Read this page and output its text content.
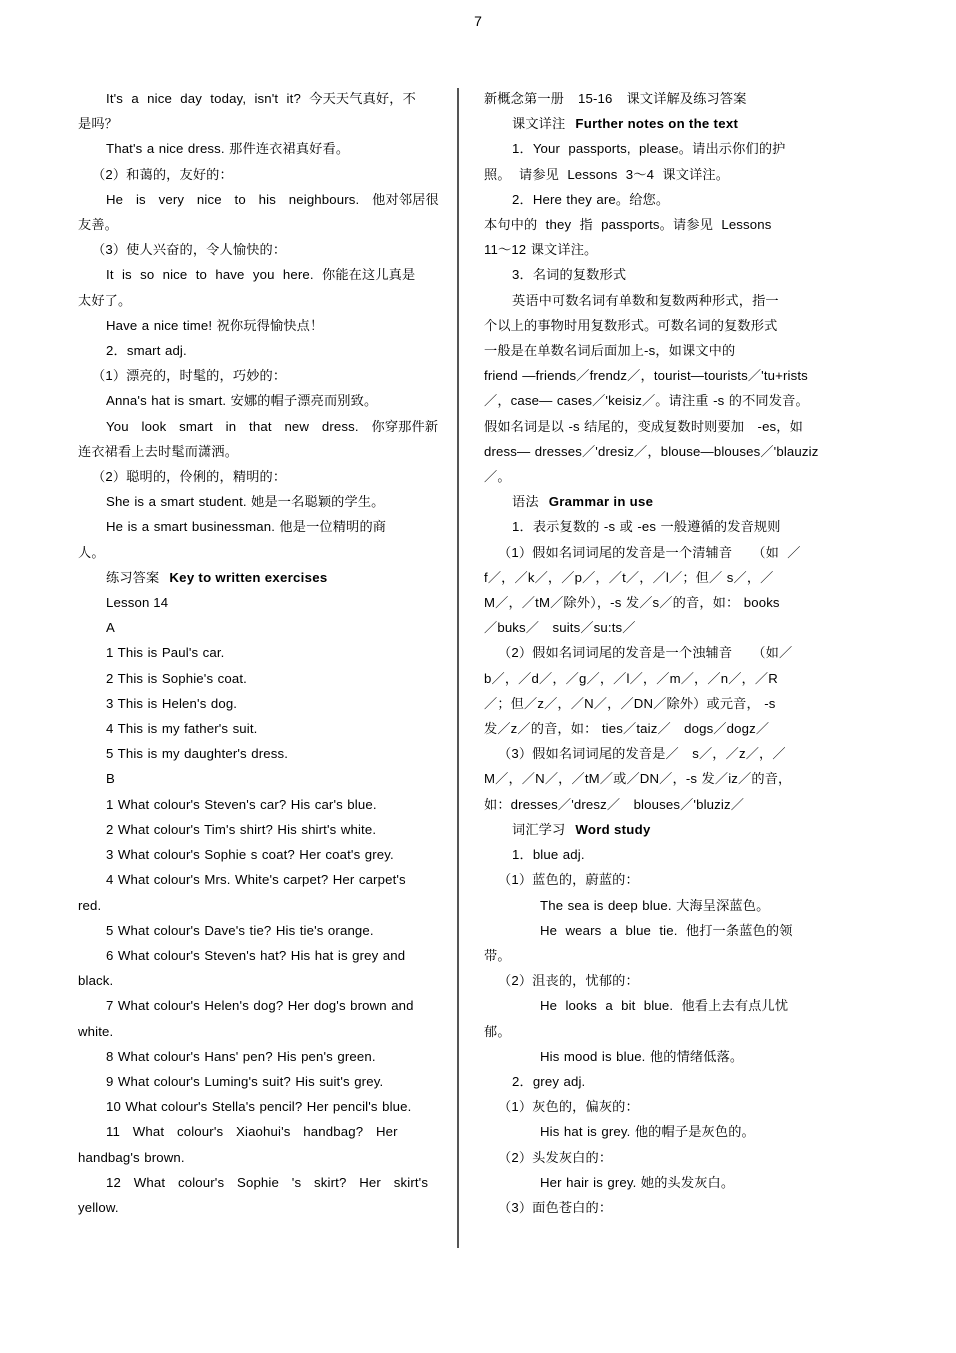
7

It's a nice day today, isn't it? 今天天气真好，不

是吗？

That's a nice dress. 那件连衣裙真好看。

（2）和蔼的，友好的：

He is very nice to his neighbours. 他对邻居很

友善。

（3）使人兴奋的，令人愉快的：

It is so nice to have you here. 你能在这儿真是

太好了。

Have a nice time! 祝你玩得愉快点！

2．smart adj.

（1）漂亮的，时髦的，巧妙的：

Anna's hat is smart. 安娜的帽子漂亮而别致。

You look smart in that new dress. 你穿那件新

连衣裙看上去时髦而潇洒。

（2）聪明的，伶俐的，精明的：

She is a smart student. 她是一名聪颖的学生。

He is a smart businessman. 他是一位精明的商

人。

练习答案 Key to written exercises

Lesson 14

A

1 This is Paul's car.

2 This is Sophie's coat.

3 This is Helen's dog.

4 This is my father's suit.

5 This is my daughter's dress.

B

1 What colour's Steven's car? His car's blue.

2 What colour's Tim's shirt? His shirt's white.

3 What colour's Sophie s coat? Her coat's grey.

4 What colour's Mrs. White's carpet? Her carpet's

red.

5 What colour's Dave's tie? His tie's orange.

6 What colour's Steven's hat? His hat is grey and

black.

7 What colour's Helen's dog? Her dog's brown and

white.

8 What colour's Hans' pen? His pen's green.

9 What colour's Luming's suit? His suit's grey.

10 What colour's Stella's pencil? Her pencil's blue.

11 What colour's Xiaohui's handbag? Her

handbag's brown.

12 What colour's Sophie 's skirt? Her skirt's

yellow.

新概念第一册 15-16 课文详解及练习答案

课文详注 Further notes on the text

1．Your passports, please。请出示你们的护

照。 请参见 Lessons 3～4 课文详注。

2．Here they are。给您。

本句中的 they 指 passports。请参见 Lessons

11～12 课文详注。

3．名词的复数形式

英语中可数名词有单数和复数两种形式，指一

个以上的事物时用复数形式。可数名词的复数形式

一般是在单数名词后面加上-s，如课文中的

friend —friends／frendz／，tourist—tourists／'tu+rists

／，case— cases／'keisiz／。请注重 -s 的不同发音。

假如名词是以 -s 结尾的，变成复数时则要加　-es，如

dress— dresses／'dresiz／，blouse—blouses／'blauziz

／。

语法 Grammar in use

1．表示复数的 -s 或 -es 一般遵循的发音规则

（1）假如名词词尾的发音是一个清辅音　　（如 ／

f／，／k／，／p／，／t／，／l／；但／ s／，／

M／，／tM／除外），-s 发／s／的音，如： books

／buks／　suits／su:ts／

（2）假如名词词尾的发音是一个浊辅音　　（如／

b／，／d／，／g／，／l／，／m／，／n／，／R

／；但／z／，／N／，／DN／除外）或元音， -s

发／z／的音，如： ties／taiz／　dogs／dogz／

（3）假如名词词尾的发音是／　s／，／z／，／

M／，／N／，／tM／或／DN／，-s 发／iz／的音，

如：dresses／'dresz／　blouses／'bluziz／

词汇学习 Word study

1．blue adj.

（1）蓝色的，蔚蓝的：

The sea is deep blue. 大海呈深蓝色。

He wears a blue tie. 他打一条蓝色的领

带。

（2）沮丧的，忧郁的：

He looks a bit blue. 他看上去有点儿忧

郁。

His mood is blue. 他的情绪低落。

2．grey adj.

（1）灰色的，偏灰的：

His hat is grey. 他的帽子是灰色的。

（2）头发灰白的：

Her hair is grey. 她的头发灰白。

（3）面色苍白的：
